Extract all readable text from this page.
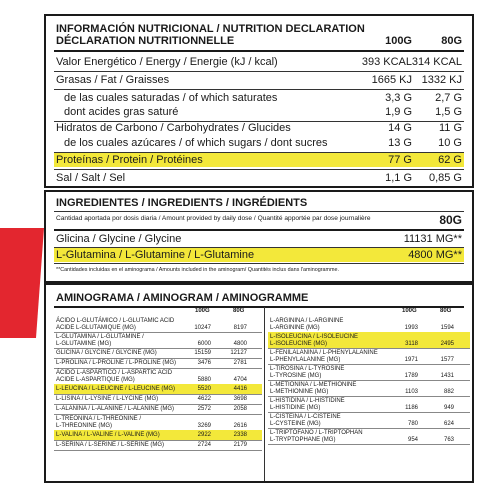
INFORMACIÓN NUTRICIONAL / NUTRITION DECLARATION
DÉCLARATION NUTRITIONNELLE	100G	80G
Valor Energético / Energy / Energie (kJ / kcal)	393 KCAL 314 KCAL
Grasas / Fat / Graisses	1665 KJ 1332 KJ
de las cuales saturadas / of which saturates	3,3 G 2,7 G
dont acides gras saturé	1,9 G 1,5 G
Hidratos de Carbono / Carbohydrates / Glucides	14 G 11 G
de los cuales azúcares / of which sugars / dont sucres	13 G 10 G
Proteínas / Protein / Protéines	77 G 62 G
Sal / Salt / Sel	1,1 G 0,85 G
INGREDIENTES / INGREDIENTS / INGRÉDIENTS
Cantidad aportada por dosis diaria / Amount provided by daily dose / Quantité apportée par dose journalière	80G
Glicina / Glycine / Glycine	11131 MG**
L-Glutamina / L-Glutamine / L-Glutamine	4800 MG**
**Cantidades incluidas en el aminograma / Amounts included in the aminogram/ Quantités inclus dans l'aminogramme.
AMINOGRAMA / AMINOGRAM / AMINOGRAMME
100G	80G	100G	80G
ÁCIDO L-GLUTÁMICO / L-GLUTAMIC ACID
ACIDE L-GLUTAMIQUE (MG)	10247	8197
L-GLUTAMINA / L-GLUTAMINE /
L-GLUTAMINE (MG)	6000	4800
GLICINA / GLYCINE / GLYCINE (MG)	15159	12127
L-PROLINA / L-PROLINE / L-PROLINE (MG)	3476	2781
ÁCIDO L-ASPÁRTICO / L-ASPARTIC ACID
ACIDE L-ASPARTIQUE (MG)	5880	4704
L-LEUCINA / L-LEUCINE / L-LEUCINE (MG)	5520	4416
L-LISINA / L-LYSINE / L-LYCINE (MG)	4622	3698
L-ALANINA / L-ALANINE / L-ALANINE (MG)	2572	2058
L-TREONINA / L-THREONINE /
L-THREONINE (MG)	3269	2616
L-VALINA / L-VALINE / L-VALINE (MG)	2922	2338
L-SERINA / L-SERINE / L-SERINE (MG)	2724	2179
L-ARGININA / L-ARGININE
L-ARGININE (MG)	1993	1594
L-ISOLEUCINA / L-ISOLEUCINE
L-ISOLEUCINE (MG)	3118	2495
L-FENILALANINA / L-PHENYLALANINE
L-PHENYLALANINE (MG)	1971	1577
L-TIROSINA / L-TYROSINE
L-TYROSINE (MG)	1789	1431
L-METIONINA / L-METHIONINE
L-METHIONINE (MG)	1103	882
L-HISTIDINA / L-HISTIDINE
L-HISTIDINE (MG)	1186	949
L-CISTEINA / L-CISTEINE
L-CYSTEINE (MG)	780	624
L-TRIPTÓFANO / L-TRIPTOPHAN
L-TRYPTOPHANE (MG)	954	763
